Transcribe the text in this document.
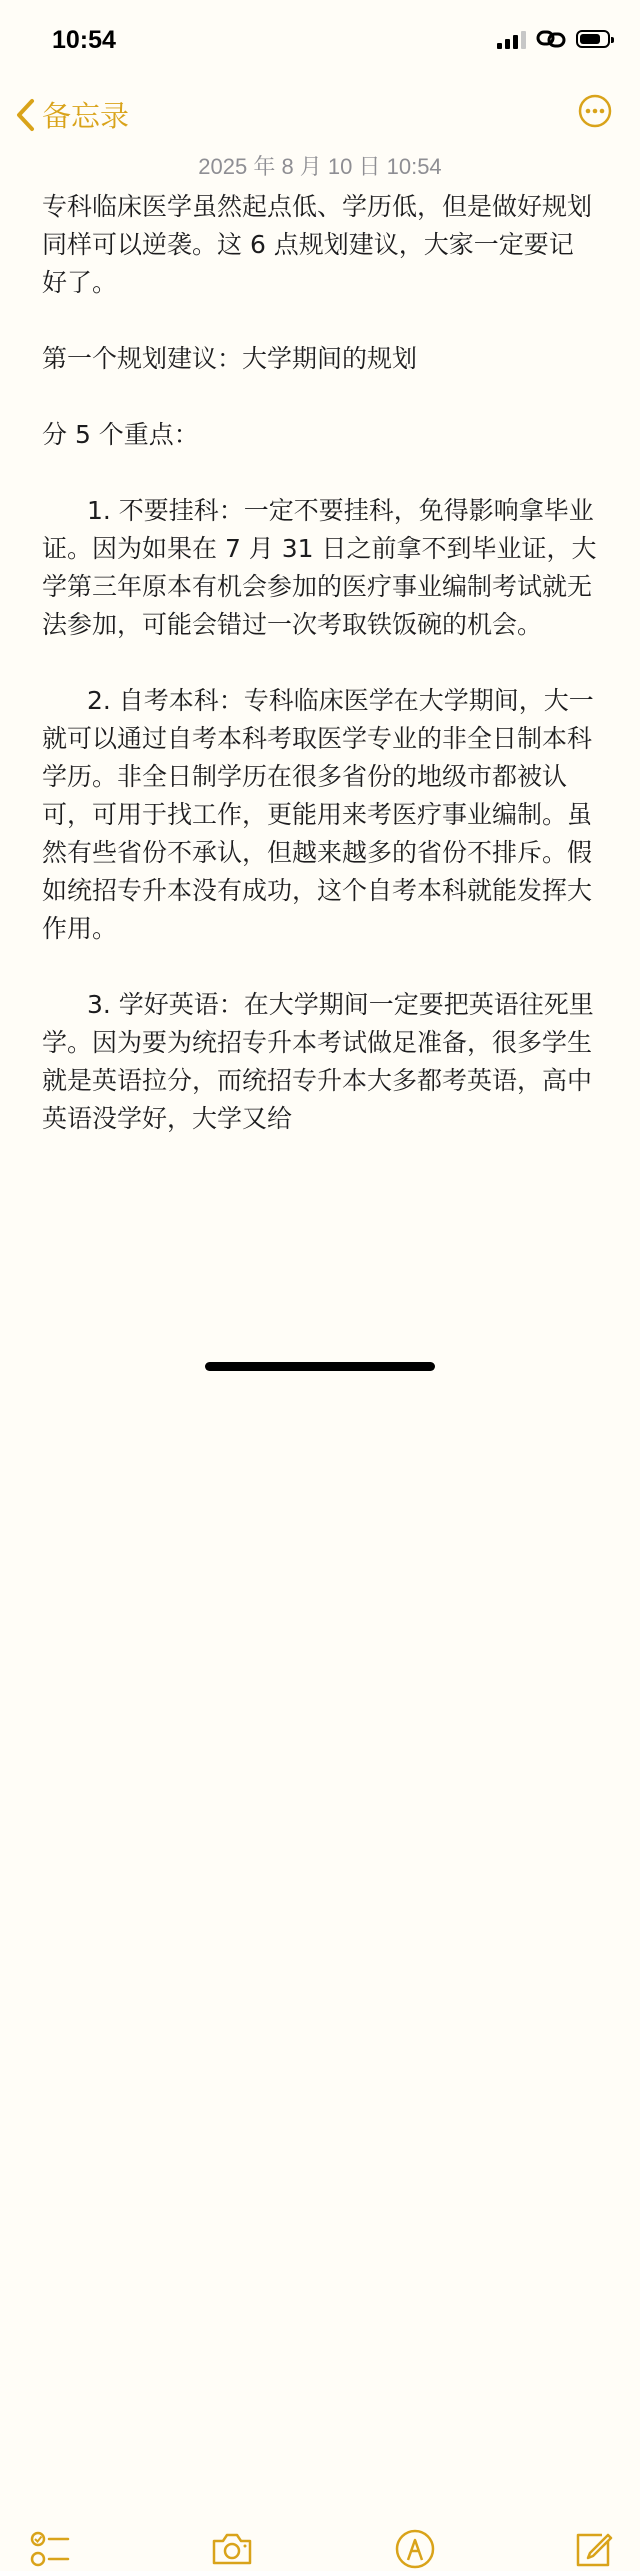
10:54
备忘录
2025 年 8 月 10 日 10:54

专科临床医学虽然起点低、学历低，但是做好规划同样可以逆袭。这 6 点规划建议，大家一定要记好了。

第一个规划建议：大学期间的规划

分 5 个重点：

1. 不要挂科：一定不要挂科，免得影响拿毕业证。因为如果在 7 月 31 日之前拿不到毕业证，大学第三年原本有机会参加的医疗事业编制考试就无法参加，可能会错过一次考取铁饭碗的机会。

2. 自考本科：专科临床医学在大学期间，大一就可以通过自考本科考取医学专业的非全日制本科学历。非全日制学历在很多省份的地级市都被认可，可用于找工作，更能用来考医疗事业编制。虽然有些省份不承认，但越来越多的省份不排斥。假如统招专升本没有成功，这个自考本科就能发挥大作用。

3. 学好英语：在大学期间一定要把英语往死里学。因为要为统招专升本考试做足准备，很多学生就是英语拉分，而统招专升本大多都考英语，高中英语没学好，大学又给
